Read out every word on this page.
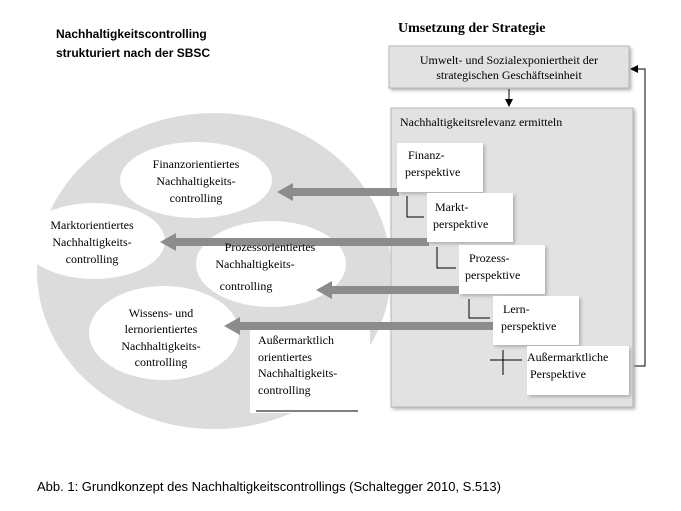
Nachhaltigkeitscontrolling
strukturiert nach der SBSC
Umsetzung der Strategie
Umwelt- und Sozialexponiertheit der
strategischen Geschäftseinheit
Nachhaltigkeitsrelevanz ermitteln
Finanz-
perspektive
Markt-
perspektive
Prozess-
perspektive
Lern-
perspektive
Außermarktliche
Perspektive
Finanzorientiertes
Nachhaltigkeits-
controlling
Marktorientiertes
Nachhaltigkeits-
controlling
Prozessorientiertes
Nachhaltigkeits-
controlling
Wissens- und
lernorientiertes
Nachhaltigkeits-
controlling
Außermarktlich
orientiertes
Nachhaltigkeits-
controlling
Abb. 1: Grundkonzept des Nachhaltigkeitscontrollings (Schaltegger 2010, S.513)
